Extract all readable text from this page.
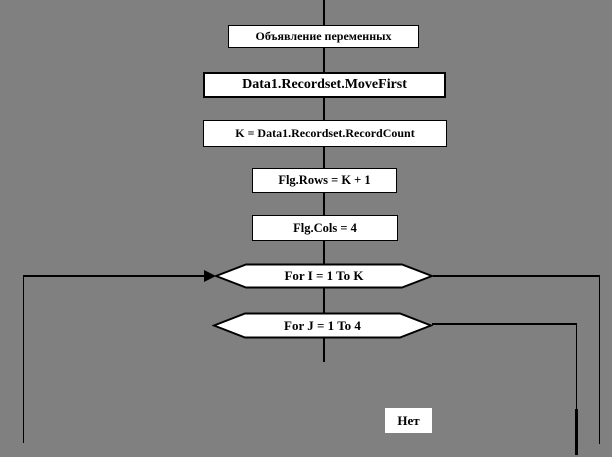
Объявление переменных
Data1.Recordset.MoveFirst
K = Data1.Recordset.RecordCount
Flg.Rows = K + 1
Flg.Cols = 4
For I = 1 To K
For J = 1 To 4
Нет
